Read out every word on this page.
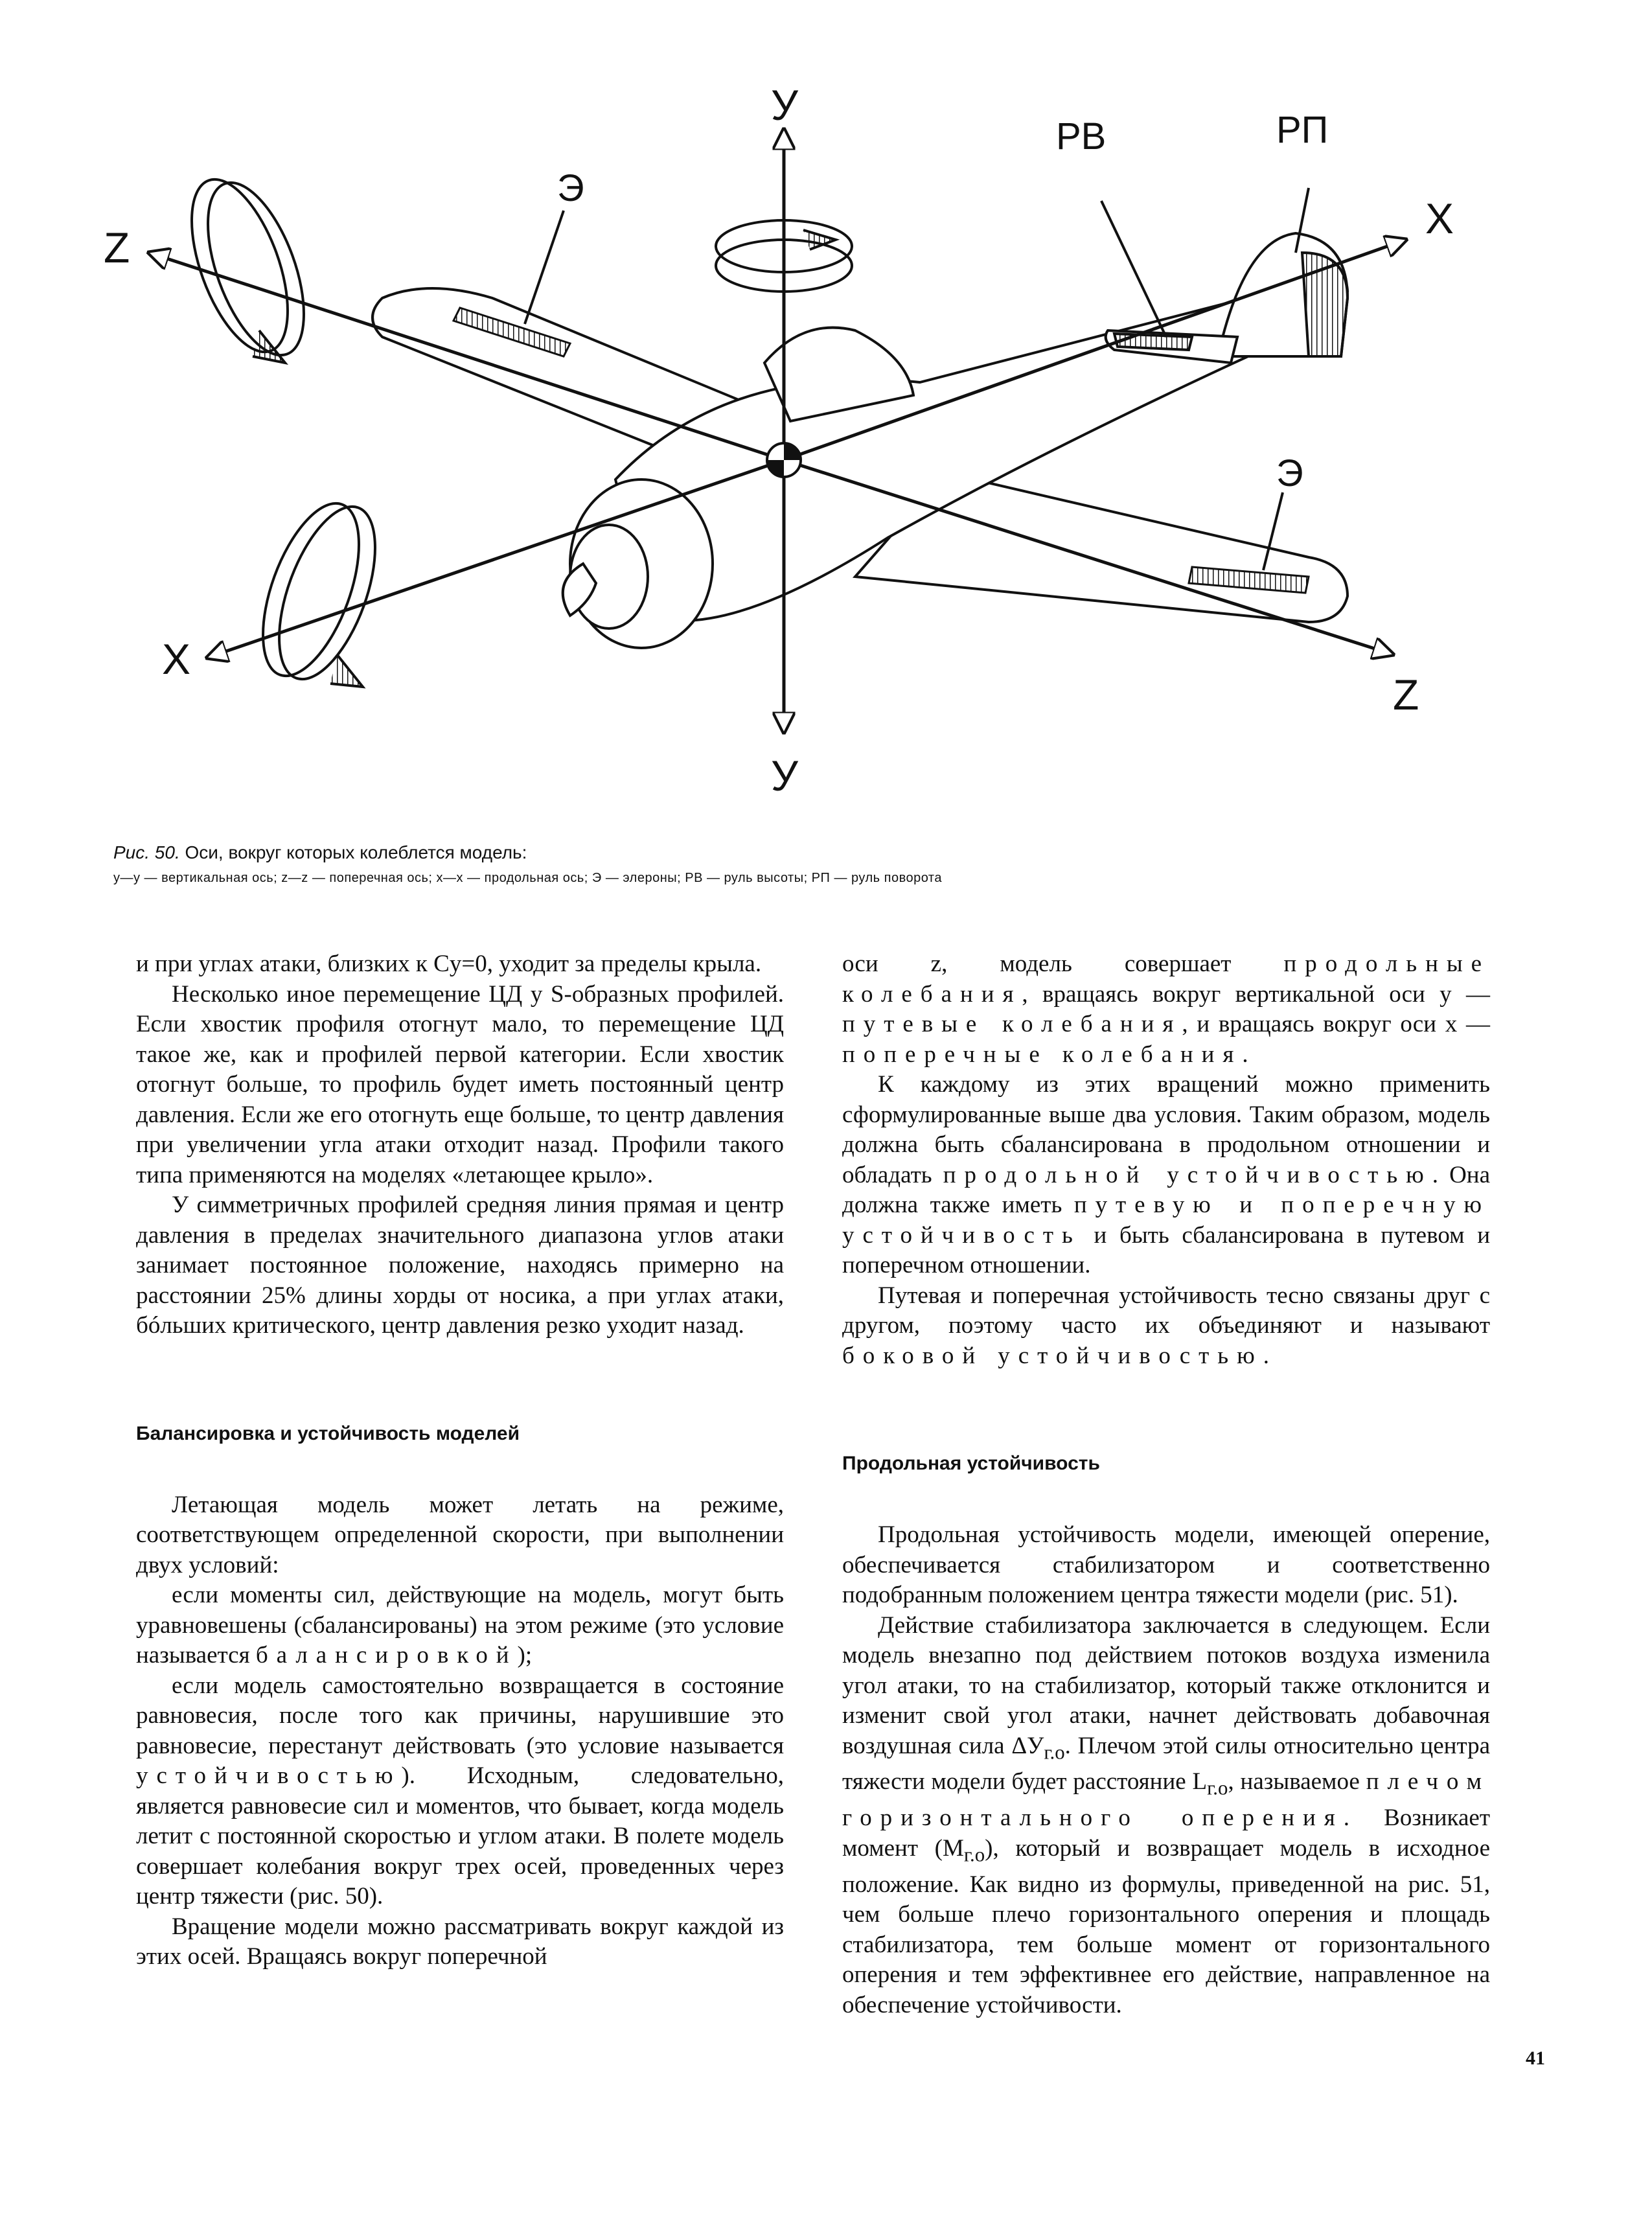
У
У
Z
Z
X
X
РВ	РП
Э
Э
Рис. 50. Оси, вокруг которых колеблется модель:
у—у — вертикальная ось; z—z — поперечная ось; x—x — продольная ось; Э — элероны; РВ — руль высоты; РП — руль поворота

и при углах атаки, близких к Cy=0, уходит за пределы крыла.

Несколько иное перемещение ЦД у S-образных профилей. Если хвостик профиля отогнут мало, то перемещение ЦД такое же, как и профилей первой категории. Если хвостик отогнут больше, то профиль будет иметь постоянный центр давления. Если же его отогнуть еще больше, то центр давления при увеличении угла атаки отходит назад. Профили такого типа применяются на моделях «летающее крыло».

У симметричных профилей средняя линия прямая и центр давления в пределах значительного диапазона углов атаки занимает постоянное положение, находясь примерно на расстоянии 25% длины хорды от носика, а при углах атаки, бóльших критического, центр давления резко уходит назад.

Балансировка и устойчивость моделей

Летающая модель может летать на режиме, соответствующем определенной скорости, при выполнении двух условий:

если моменты сил, действующие на модель, могут быть уравновешены (сбалансированы) на этом режиме (это условие называется балансировкой);

если модель самостоятельно возвращается в состояние равновесия, после того как причины, нарушившие это равновесие, перестанут действовать (это условие называется устойчивостью). Исходным, следовательно, является равновесие сил и моментов, что бывает, когда модель летит с постоянной скоростью и углом атаки. В полете модель совершает колебания вокруг трех осей, проведенных через центр тяжести (рис. 50).

Вращение модели можно рассматривать вокруг каждой из этих осей. Вращаясь вокруг поперечной

оси z, модель совершает продольные колебания, вращаясь вокруг вертикальной оси y — путевые колебания, и вращаясь вокруг оси x — поперечные колебания.

К каждому из этих вращений можно применить сформулированные выше два условия. Таким образом, модель должна быть сбалансирована в продольном отношении и обладать продольной устойчивостью. Она должна также иметь путевую и поперечную устойчивость и быть сбалансирована в путевом и поперечном отношении.

Путевая и поперечная устойчивость тесно связаны друг с другом, поэтому часто их объединяют и называют боковой устойчивостью.

Продольная устойчивость

Продольная устойчивость модели, имеющей оперение, обеспечивается стабилизатором и соответственно подобранным положением центра тяжести модели (рис. 51).

Действие стабилизатора заключается в следующем. Если модель внезапно под действием потоков воздуха изменила угол атаки, то на стабилизатор, который также отклонится и изменит свой угол атаки, начнет действовать добавочная воздушная сила $\Delta У_{г.о}$. Плечом этой силы относительно центра тяжести модели будет расстояние $L_{г.о}$, называемое плечом горизонтального оперения. Возникает момент $(М_{г.о})$, который и возвращает модель в исходное положение. Как видно из формулы, приведенной на рис. 51, чем больше плечо горизонтального оперения и площадь стабилизатора, тем больше момент от горизонтального оперения и тем эффективнее его действие, направленное на обеспечение устойчивости.

41
